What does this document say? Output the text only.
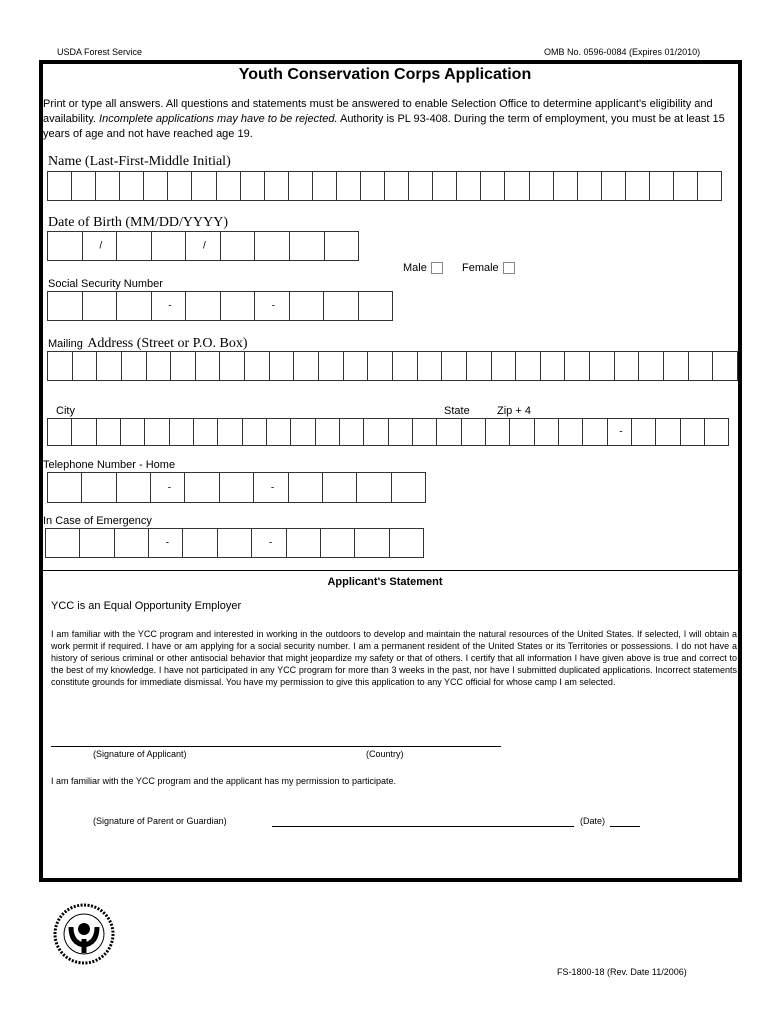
USDA Forest Service	OMB No. 0596-0084 (Expires 01/2010)
Youth Conservation Corps Application
Print or type all answers. All questions and statements must be answered to enable Selection Office to determine applicant's eligibility and availability. Incomplete applications may have to be rejected. Authority is PL 93-408. During the term of employment, you must be at least 15 years of age and not have reached age 19.
Name (Last-First-Middle Initial)
Date of Birth (MM/DD/YYYY)
/	/
Male	Female
Social Security Number
-	-
Mailing Address (Street or P.O. Box)
City	State Zip + 4
-
Telephone Number - Home
-	-
In Case of Emergency
-	-
Applicant's Statement
YCC is an Equal Opportunity Employer
I am familiar with the YCC program and interested in working in the outdoors to develop and maintain the natural resources of the United States. If selected, I will obtain a work permit if required. I have or am applying for a social security number. I am a permanent resident of the United States or its Territories or possessions. I do not have a history of serious criminal or other antisocial behavior that might jeopardize my safety or that of others. I certify that all information I have given above is true and correct to the best of my knowledge. I have not participated in any YCC program for more than 3 weeks in the past, nor have I submitted duplicated applications. Incorrect statements constitute grounds for immediate dismissal. You have my permission to give this application to any YCC official for whose camp I am selected.
(Signature of Applicant)	(Country)
I am familiar with the YCC program and the applicant has my permission to participate.
(Signature of Parent or Guardian)	(Date)
FS-1800-18 (Rev. Date 11/2006)
